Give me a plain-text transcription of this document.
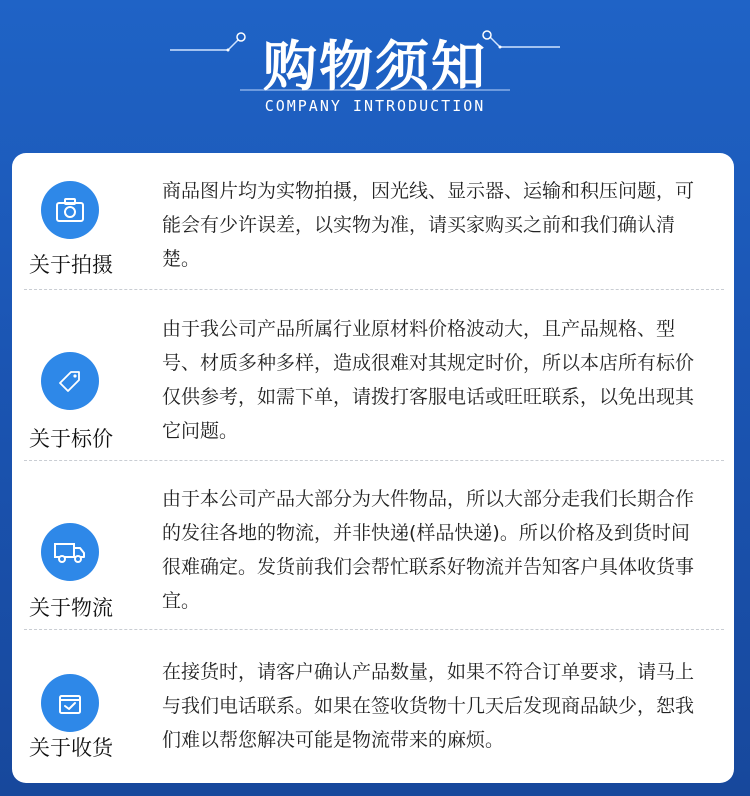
购物须知
COMPANY INTRODUCTION
关于拍摄
商品图片均为实物拍摄，因光线、显示器、运输和积压问题，可能会有少许误差，以实物为准，请买家购买之前和我们确认清楚。
关于标价
由于我公司产品所属行业原材料价格波动大，且产品规格、型号、材质多种多样，造成很难对其规定时价，所以本店所有标价仅供参考，如需下单，请拨打客服电话或旺旺联系，以免出现其它问题。
关于物流
由于本公司产品大部分为大件物品，所以大部分走我们长期合作的发往各地的物流，并非快递(样品快递)。所以价格及到货时间很难确定。发货前我们会帮忙联系好物流并告知客户具体收货事宜。
关于收货
在接货时，请客户确认产品数量，如果不符合订单要求，请马上与我们电话联系。如果在签收货物十几天后发现商品缺少，恕我们难以帮您解决可能是物流带来的麻烦。
